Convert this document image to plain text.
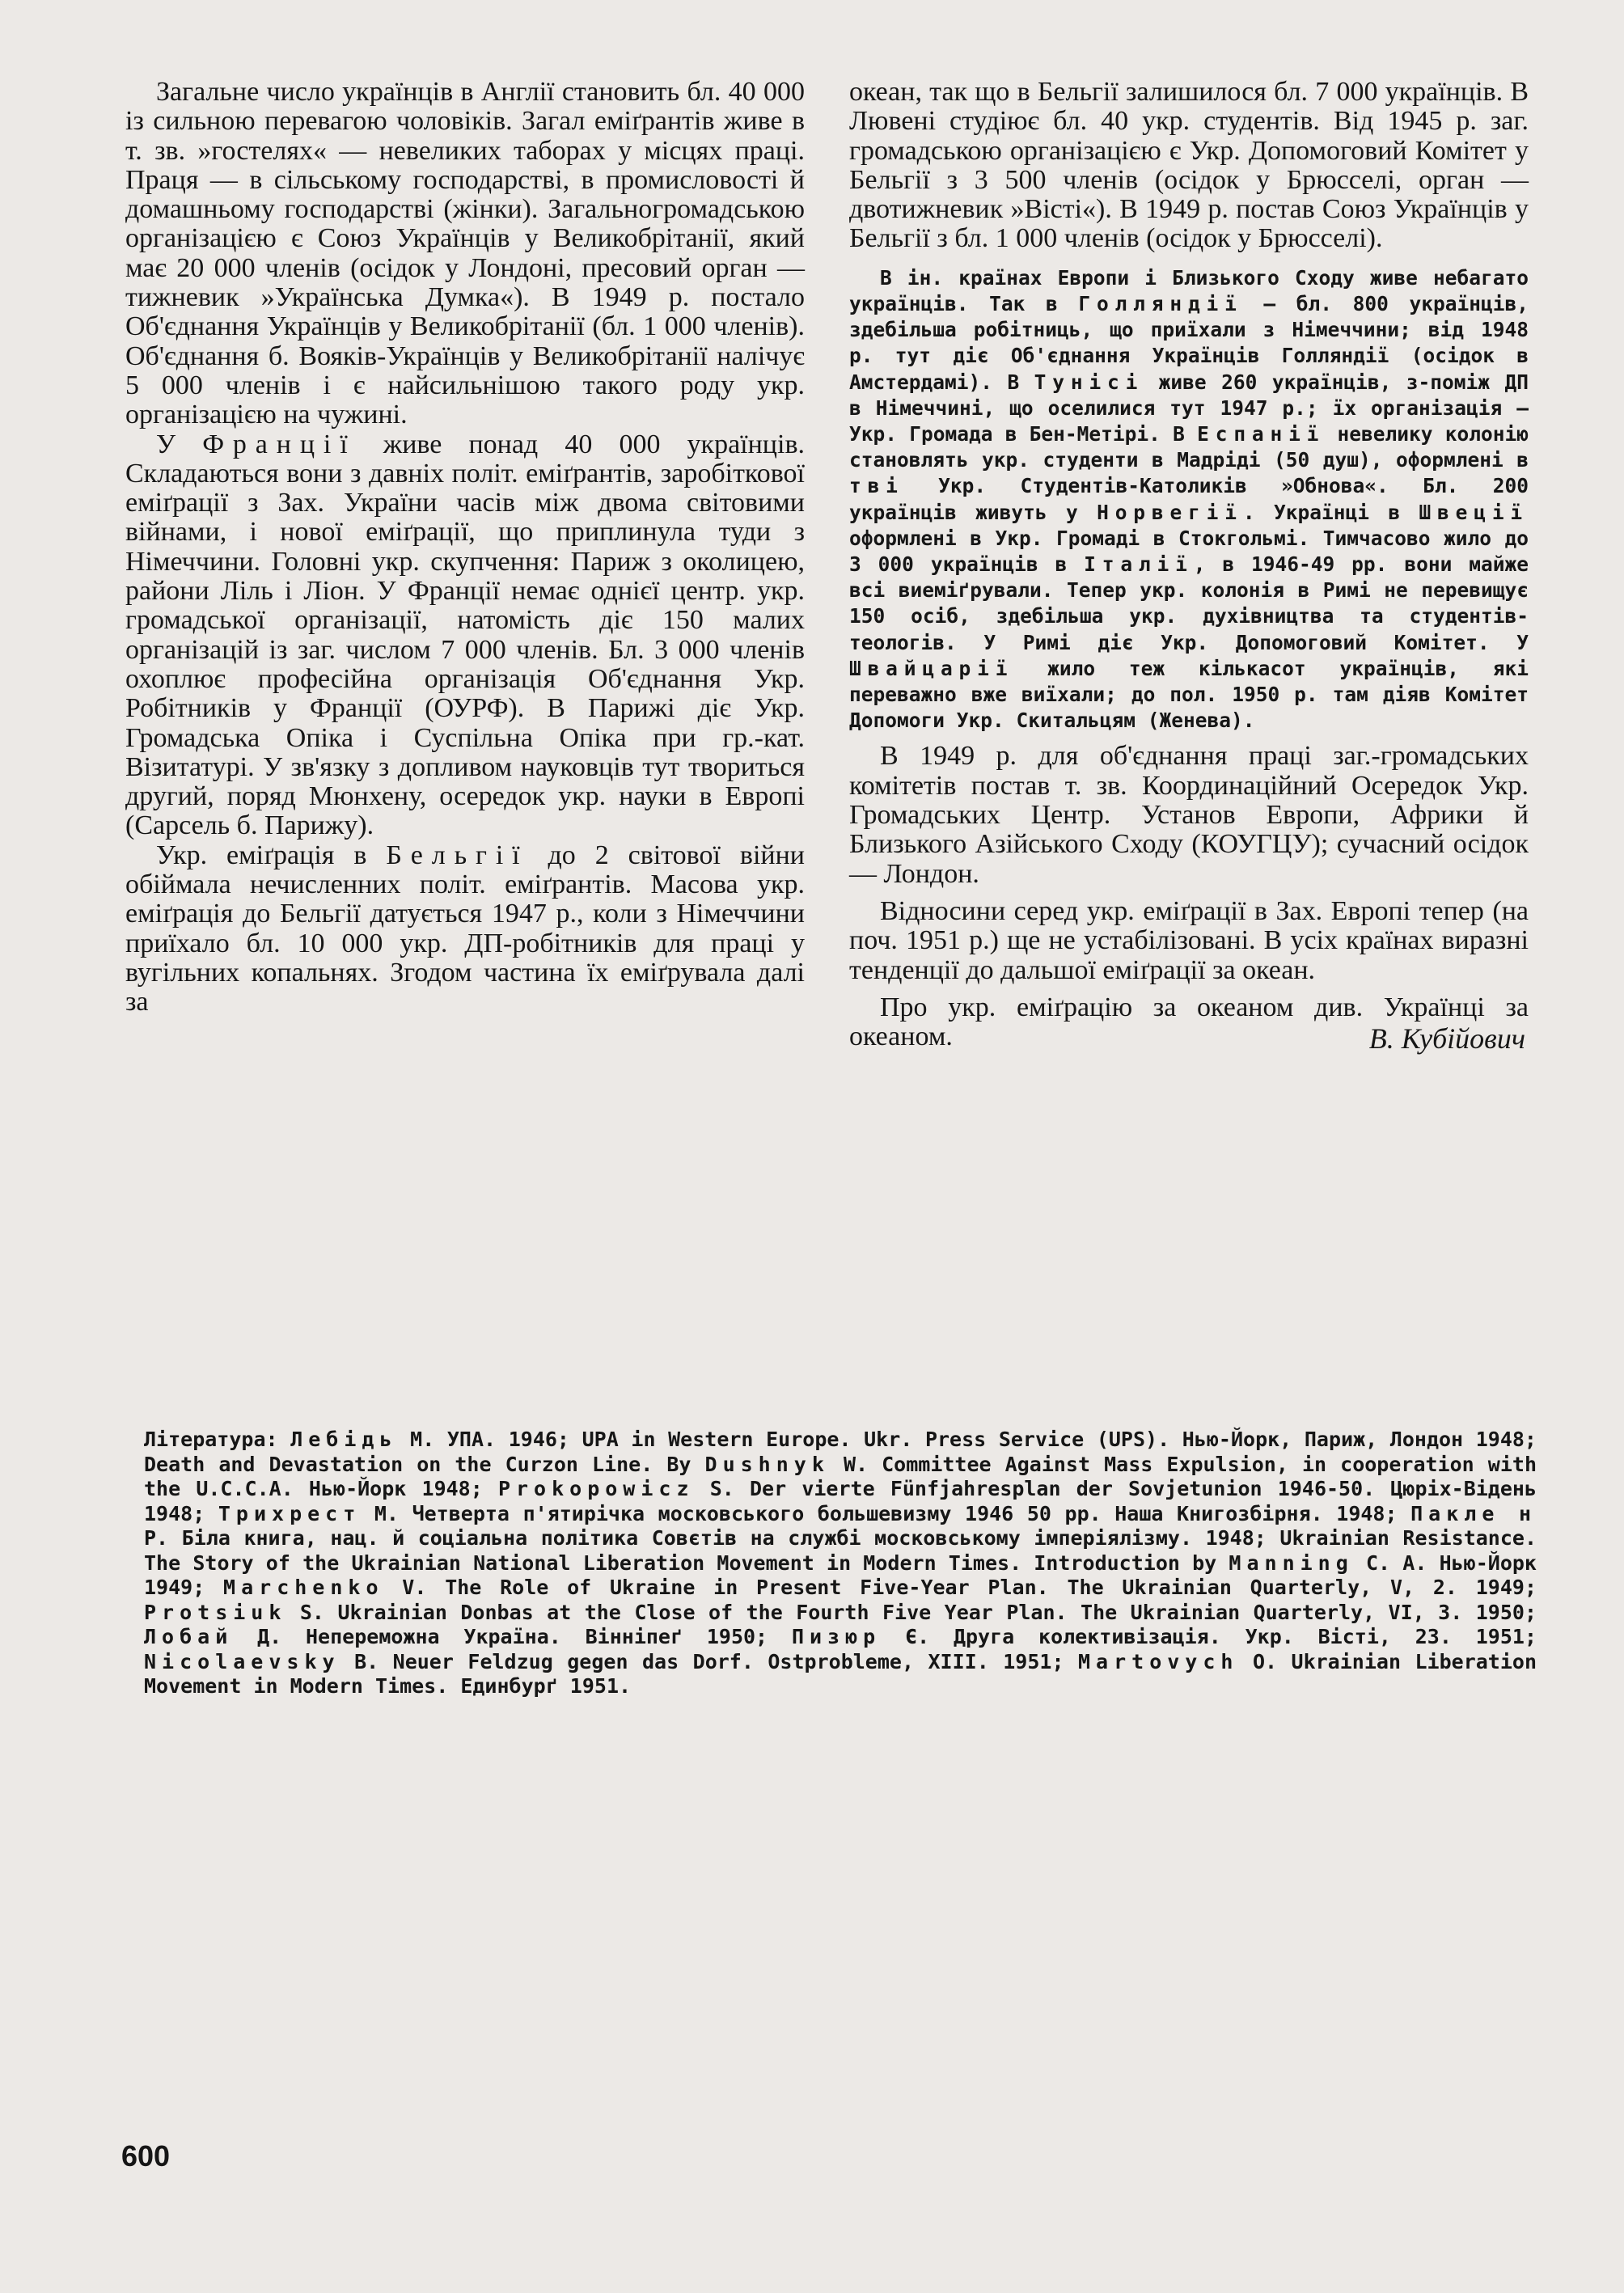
Загальне число українців в Англії становить бл. 40 000 із сильною перевагою чоловіків. Загал еміґрантів живе в т. зв. »гостелях« — невеликих таборах у місцях праці. Праця — в сільському господарстві, в промисловості й домашньому господарстві (жінки). Загальногромадською організацією є Союз Українців у Великобрітанії, який має 20 000 членів (осідок у Лондоні, пресовий орган — тижневик »Українська Думка«). В 1949 р. постало Об'єднання Українців у Великобрітанії (бл. 1 000 членів). Об'єднання б. Вояків-Українців у Великобрітанії налічує 5 000 членів і є найсильнішою такого роду укр. організацією на чужині.

У Франції живе понад 40 000 українців. Складаються вони з давніх політ. еміґрантів, заробіткової еміґрації з Зах. України часів між двома світовими війнами, і нової еміґрації, що приплинула туди з Німеччини. Головні укр. скупчення: Париж з околицею, райони Ліль і Ліон. У Франції немає однієї центр. укр. громадської організації, натомість діє 150 малих організацій із заг. числом 7 000 членів. Бл. 3 000 членів охоплює професійна організація Об'єднання Укр. Робітників у Франції (ОУРФ). В Парижі діє Укр. Громадська Опіка і Суспільна Опіка при гр.-кат. Візитатурі. У зв'язку з допливом науковців тут твориться другий, поряд Мюнхену, осередок укр. науки в Европі (Сарсель б. Парижу).

Укр. еміґрація в Бельгії до 2 світової війни обіймала нечисленних політ. еміґрантів. Масова укр. еміґрація до Бельгії датується 1947 р., коли з Німеччини приїхало бл. 10 000 укр. ДП-робітників для праці у вугільних копальнях. Згодом частина їх еміґрувала далі за

океан, так що в Бельгії залишилося бл. 7 000 українців. В Лювені студіює бл. 40 укр. студентів. Від 1945 р. заг. громадською організацією є Укр. Допомоговий Комітет у Бельгії з 3 500 членів (осідок у Брюсселі, орган — двотижневик »Вісті«). В 1949 р. постав Союз Українців у Бельгії з бл. 1 000 членів (осідок у Брюсселі).

В ін. країнах Европи і Близького Сходу живе небагато українців. Так в Голляндії — бл. 800 українців, здебільша робітниць, що приїхали з Німеччини; від 1948 р. тут діє Об'єднання Українців Голляндії (осідок в Амстердамі). В Тунісі живе 260 українців, з-поміж ДП в Німеччині, що оселилися тут 1947 р.; їх організація — Укр. Громада в Бен-Метірі. В Еспанії невелику колонію становлять укр. студенти в Мадріді (50 душ), оформлені в тві Укр. Студентів-Католиків »Обнова«. Бл. 200 українців живуть у Норвегії. Українці в Швеції оформлені в Укр. Громаді в Стокгольмі. Тимчасово жило до 3 000 українців в Італії, в 1946-49 рр. вони майже всі виеміґрували. Тепер укр. колонія в Римі не перевищує 150 осіб, здебільша укр. духівництва та студентів-теологів. У Римі діє Укр. Допомоговий Комітет. У Швайцарії жило теж кількасот українців, які переважно вже виїхали; до пол. 1950 р. там діяв Комітет Допомоги Укр. Скитальцям (Женева).

В 1949 р. для об'єднання праці заг.-громадських комітетів постав т. зв. Координаційний Осередок Укр. Громадських Центр. Установ Европи, Африки й Близького Азійського Сходу (КОУГЦУ); сучасний осідок — Лондон.

Відносини серед укр. еміґрації в Зах. Европі тепер (на поч. 1951 р.) ще не устабілізовані. В усіх країнах виразні тенденції до дальшої еміґрації за океан.

Про укр. еміґрацію за океаном див. Українці за океаном.	В. Кубійович

Література: Лебідь М. УПА. 1946; UPA in Western Europe. Ukr. Press Service (UPS). Нью-Йорк, Париж, Лондон 1948; Death and Devastation on the Curzon Line. By Dushnyk W. Committee Against Mass Expulsion, in cooperation with the U.C.C.A. Нью-Йорк 1948; Prokopowicz S. Der vierte Fünfjahresplan der Sovjetunion 1946-50. Цюріх-Відень 1948; Трихрест М. Четверта п'ятирічка московського большевизму 1946 50 рр. Наша Книгозбірня. 1948; Пакле н Р. Біла книга, нац. й соціальна політика Совєтів на службі московському імперіялізму. 1948; Ukrainian Resistance. The Story of the Ukrainian National Liberation Movement in Modern Times. Introduction by Manning С. А. Нью-Йорк 1949; Marchenko V. The Role of Ukraine in Present Five-Year Plan. The Ukrainian Quarterly, V, 2. 1949; Protsiuk S. Ukrainian Donbas at the Close of the Fourth Five Year Plan. The Ukrainian Quarterly, VI, 3. 1950; Лобай Д. Непереможна Україна. Вінніпеґ 1950; Пизюр Є. Друга колективізація. Укр. Вісті, 23. 1951; Nicolaevsky B. Neuer Feldzug gegen das Dorf. Ostprobleme, XIII. 1951; Martovych O. Ukrainian Liberation Movement in Modern Times. Единбурґ 1951.

600
